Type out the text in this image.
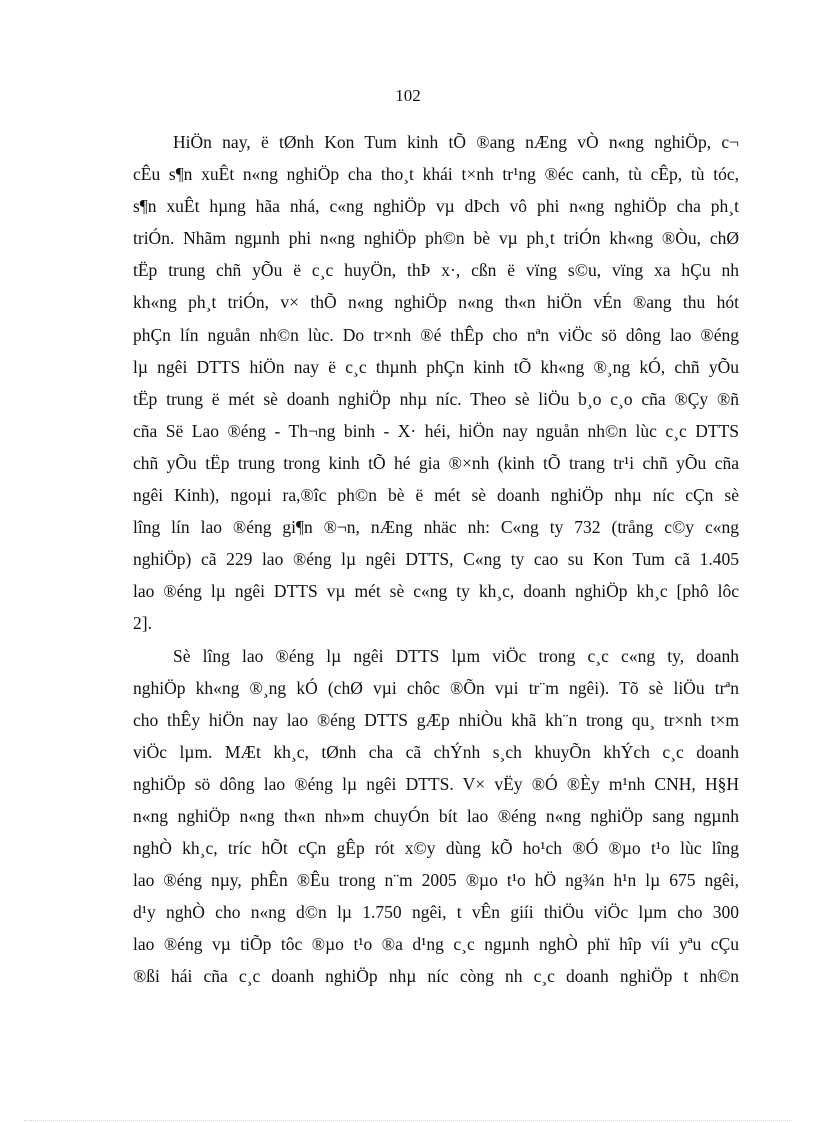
102
HiÖn nay, ë tØnh Kon Tum kinh tÕ ®ang nÆng vÒ n«ng nghiÖp, c¬
cÊu s¶n xuÊt n«ng nghiÖp cha tho¸t khái t×nh tr¹ng ®éc canh, tù cÊp, tù tóc,
s¶n xuÊt hµng hãa nhá, c«ng nghiÖp vµ dÞch vô phi n«ng nghiÖp cha ph¸t
triÓn. Nhãm ngµnh phi n«ng nghiÖp ph©n bè vµ ph¸t triÓn kh«ng ®Òu, chØ
tËp trung chñ yÕu ë c¸c huyÖn, thÞ x·, cßn ë vïng s©u, vïng xa hÇu nh
kh«ng ph¸t triÓn, v× thÕ n«ng nghiÖp n«ng th«n hiÖn vÉn ®ang thu hót
phÇn lín nguån nh©n lùc. Do tr×nh ®é thÊp cho nªn viÖc sö dông lao ®éng
lµ ngêi DTTS hiÖn nay ë c¸c thµnh phÇn kinh tÕ kh«ng ®¸ng kÓ, chñ yÕu
tËp trung ë mét sè doanh nghiÖp nhµ níc. Theo sè liÖu b¸o c¸o cña ®Çy ®ñ
cña Së Lao ®éng - Th¬ng binh - X· héi, hiÖn nay nguån nh©n lùc c¸c DTTS
chñ yÕu tËp trung trong kinh tÕ hé gia ®×nh (kinh tÕ trang tr¹i chñ yÕu cña
ngêi Kinh), ngoµi ra,®îc ph©n bè ë mét sè doanh nghiÖp nhµ níc cÇn sè
lîng lín lao ®éng gi¶n ®¬n, nÆng nhäc nh: C«ng ty 732 (trång c©y c«ng
nghiÖp) cã 229 lao ®éng lµ ngêi DTTS, C«ng ty cao su Kon Tum cã 1.405
lao ®éng lµ ngêi DTTS vµ mét sè c«ng ty kh¸c, doanh nghiÖp kh¸c [phô lôc
2].
Sè lîng lao ®éng lµ ngêi DTTS lµm viÖc trong c¸c c«ng ty, doanh
nghiÖp kh«ng ®¸ng kÓ (chØ vµi chôc ®Õn vµi tr¨m ngêi). Tõ sè liÖu trªn
cho thÊy hiÖn nay lao ®éng DTTS gÆp nhiÒu khã kh¨n trong qu¸ tr×nh t×m
viÖc lµm. MÆt kh¸c, tØnh cha cã chÝnh s¸ch khuyÕn khÝch c¸c doanh
nghiÖp sö dông lao ®éng lµ ngêi DTTS. V× vËy ®Ó ®Èy m¹nh CNH, H§H
n«ng nghiÖp n«ng th«n nh»m chuyÓn bít lao ®éng n«ng nghiÖp sang ngµnh
nghÒ kh¸c, tríc hÕt cÇn gÊp rót x©y dùng kÕ ho¹ch ®Ó ®µo t¹o lùc lîng
lao ®éng nµy, phÊn ®Êu trong n¨m 2005 ®µo t¹o hÖ ng¾n h¹n lµ 675 ngêi,
d¹y nghÒ cho n«ng d©n lµ 1.750 ngêi, t vÊn giíi thiÖu viÖc lµm cho 300
lao ®éng vµ tiÕp tôc ®µo t¹o ®a d¹ng c¸c ngµnh nghÒ phï hîp víi yªu cÇu
®ßi hái cña c¸c doanh nghiÖp nhµ níc còng nh c¸c doanh nghiÖp t nh©n
